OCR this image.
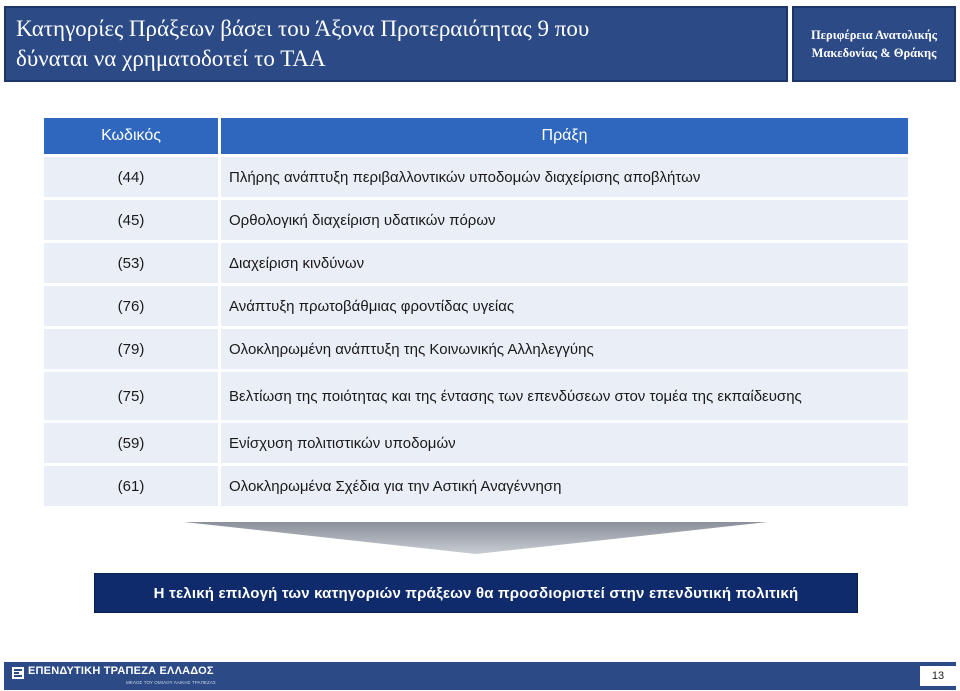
Κατηγορίες Πράξεων βάσει του Άξονα Προτεραιότητας 9 που
δύναται να χρηματοδοτεί το ΤΑΑ
Περιφέρεια Ανατολικής
Μακεδονίας & Θράκης
Κωδικός	Πράξη
(44)	Πλήρης ανάπτυξη περιβαλλοντικών υποδομών διαχείρισης αποβλήτων
(45)	Ορθολογική διαχείριση υδατικών πόρων
(53)	Διαχείριση κινδύνων
(76)	Ανάπτυξη πρωτοβάθμιας φροντίδας υγείας
(79)	Ολοκληρωμένη ανάπτυξη της Κοινωνικής Αλληλεγγύης
(75)	Βελτίωση της ποιότητας και της έντασης των επενδύσεων στον τομέα της εκπαίδευσης
(59)	Ενίσχυση πολιτιστικών υποδομών
(61)	Ολοκληρωμένα Σχέδια για την Αστική Αναγέννηση
Η τελική επιλογή των κατηγοριών πράξεων θα προσδιοριστεί στην επενδυτική πολιτική
ΕΠΕΝΔΥΤΙΚΗ ΤΡΑΠΕΖΑ ΕΛΛΑΔΟΣ
ΜΕΛΟΣ ΤΟΥ ΟΜΙΛΟΥ ΛΑΙΚΗΣ ΤΡΑΠΕΖΑΣ
13
